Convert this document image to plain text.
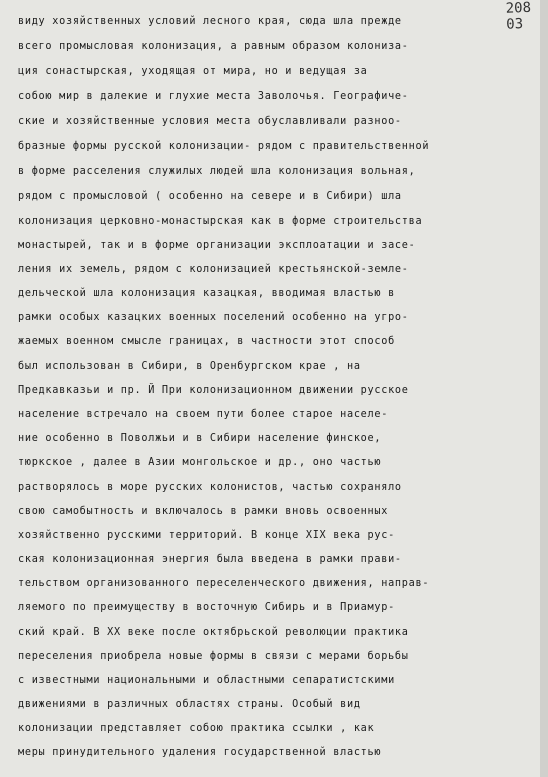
208 03
виду хозяйственных условий лесного края, сюда шла прежде
всего промысловая колонизация, а равным образом колониза-
ция сонастырская, уходящая от мира, но и ведущая за
собою мир в далекие и глухие места Заволочья. Географиче-
ские и хозяйственные условия места обуславливали разноо-
бразные формы русской колонизации- рядом с правительственной
в форме расселения служилых людей шла колонизация вольная,
рядом с промысловой ( особенно на севере и в Сибири) шла
колонизация церковно-монастырская как в форме строительства
монастырей, так и в форме организации эксплоатации и засе-
ления их земель, рядом с колонизацией крестьянской-земле-
дельческой шла колонизация казацкая, вводимая властью в
рамки особых казацких военных поселений особенно на угро-
жаемых военном смысле границах, в частности этот способ
был использован в Сибири, в Оренбургском крае , на
Предкавказьи и пр. Й При колонизационном движении русское
население встречало на своем пути более старое населе-
ние особенно в Поволжьи и в Сибири население финское,
тюркское , далее в Азии монгольское и др., оно частью
растворялось в море русских колонистов, частью сохраняло
свою самобытность и включалось в рамки вновь освоенных
хозяйственно русскими территорий. В конце XIX века рус-
ская колонизационная энергия была введена в рамки прави-
тельством организованного переселенческого движения, направ-
ляемого по преимуществу в восточную Сибирь и в Приамур-
ский край. В XX веке после октябрьской революции практика
переселения приобрела новые формы в связи с мерами борьбы
с известными национальными и областными сепаратистскими
движениями в различных областях страны. Особый вид
колонизации представляет собою практика ссылки , как
меры принудительного удаления государственной властью
